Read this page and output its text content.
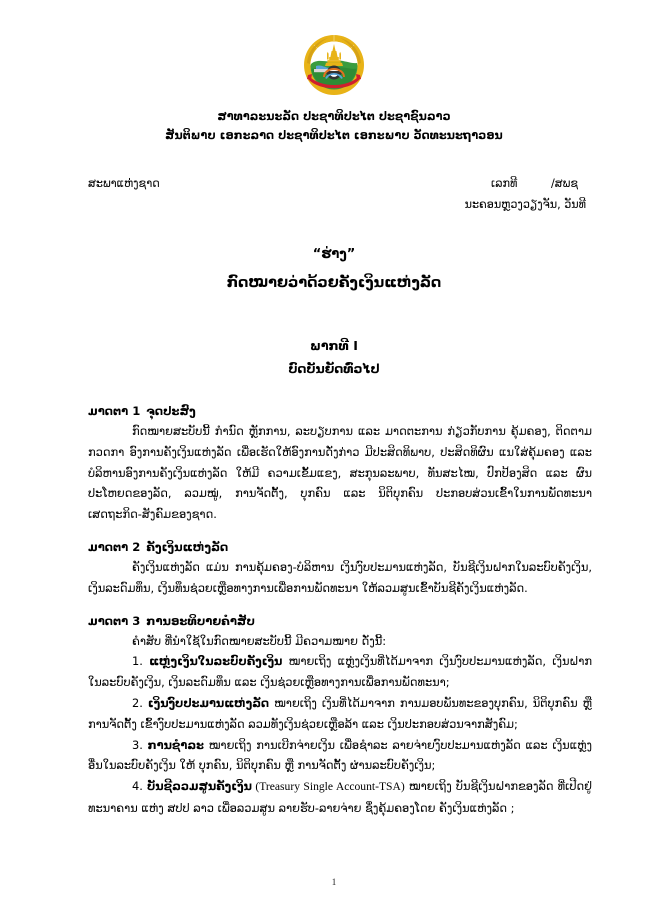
ສາທາລະນະລັດ ປະຊາທິປະໄຕ ປະຊາຊົນລາວ
ສັນຕິພາບ ເອກະລາດ ປະຊາທິປະໄຕ ເອກະພາບ ວັດທະນະຖາວອນ
ສະພາແຫ່ງຊາດ	ເລກທີ	/ສພຊ
ນະຄອນຫຼວງວຽງຈັນ, ວັນທີ
“ຮ່າງ”
ກົດໝາຍວ່າດ້ວຍຄັງເງິນແຫ່ງລັດ
ພາກທີ I
ບົດບັນຍັດທົ່ວໄປ
ມາດຕາ 1 ຈຸດປະສົງ
ກົດໝາຍສະບັບນີ້ ກຳນົດ ຫຼັກການ, ລະບຽບການ ແລະ ມາດຕະການ ກ່ຽວກັບການ ຄຸ້ມຄອງ, ຕິດຕາມ ກວດກາ ອົງການຄັງເງິນແຫ່ງລັດ ເພື່ອເຮັດໃຫ້ອົງການດັ່ງກ່າວ ມີປະສິດທິພາບ, ປະສິດທິຜົນ ແນໃສ່ຄຸ້ມຄອງ ແລະ ບໍລິຫານອົງການຄັງເງິນແຫ່ງລັດ ໃຫ້ມີ ຄວາມເຂັ້ມແຂງ, ສະກຸນລະພາບ, ທັນສະໄໝ, ປົກປ້ອງສິດ ແລະ ຜົນປະໂຫຍດຂອງລັດ, ລວມໝູ່, ການຈັດຕັ້ງ, ບຸກຄົນ ແລະ ນິຕິບຸກຄົນ ປະກອບສ່ວນເຂົ້າໃນການພັດທະນາ ເສດຖະກິດ-ສັງຄົມຂອງຊາດ.
ມາດຕາ 2 ຄັງເງິນແຫ່ງລັດ
ຄັງເງິນແຫ່ງລັດ ແມ່ນ ການຄຸ້ມຄອງ-ບໍລິຫານ ເງິນງົບປະມານແຫ່ງລັດ, ບັນຊີເງິນຝາກໃນລະບົບຄັງເງິນ, ເງິນລະດົມທຶນ, ເງິນທຶນຊ່ວຍເຫຼືອທາງການເພື່ອການພັດທະນາ ໃຫ້ລວມສູນເຂົ້າບັນຊີຄັງເງິນແຫ່ງລັດ.
ມາດຕາ 3 ການອະທິບາຍຄຳສັບ
ຄຳສັບ ທີ່ນຳໃຊ້ໃນກົດໝາຍສະບັບນີ້ ມີຄວາມໝາຍ ດັ່ງນີ້:
1. ແຫຼ່ງເງິນໃນລະບົບຄັງເງິນ ໝາຍເຖິງ ແຫຼ່ງເງິນທີ່ໄດ້ມາຈາກ ເງິນງົບປະມານແຫ່ງລັດ, ເງິນຝາກໃນລະບົບຄັງເງິນ, ເງິນລະດົມທຶນ ແລະ ເງິນຊ່ວຍເຫຼືອທາງການເພື່ອການພັດທະນາ;
2. ເງິນງົບປະມານແຫ່ງລັດ ໝາຍເຖິງ ເງິນທີ່ໄດ້ມາຈາກ ການມອບພັນທະຂອງບຸກຄົນ, ນິຕິບຸກຄົນ ຫຼື ການຈັດຕັ້ງ ເຂົ້າງົບປະມານແຫ່ງລັດ ລວມທັງເງິນຊ່ວຍເຫຼືອລ້າ ແລະ ເງິນປະກອບສ່ວນຈາກສັງຄົມ;
3. ການຊຳລະ ໝາຍເຖິງ ການເບີກຈ່າຍເງິນ ເພື່ອຊຳລະ ລາຍຈ່າຍງົບປະມານແຫ່ງລັດ ແລະ ເງິນແຫຼ່ງອື່ນໃນລະບົບຄັງເງິນ ໃຫ້ ບຸກຄົນ, ນິຕິບຸກຄົນ ຫຼື ການຈັດຕັ້ງ ຜ່ານລະບົບຄັງເງິນ;
4. ບັນຊີລວມສູນຄັງເງິນ (Treasury Single Account-TSA) ໝາຍເຖິງ ບັນຊີເງິນຝາກຂອງລັດ ທີ່ເປີດຢູ່ ທະນາຄານ ແຫ່ງ ສປປ ລາວ ເພື່ອລວມສູນ ລາຍຮັບ-ລາຍຈ່າຍ ຊຶ່ງຄຸ້ມຄອງໂດຍ ຄັງເງິນແຫ່ງລັດ ;
1
